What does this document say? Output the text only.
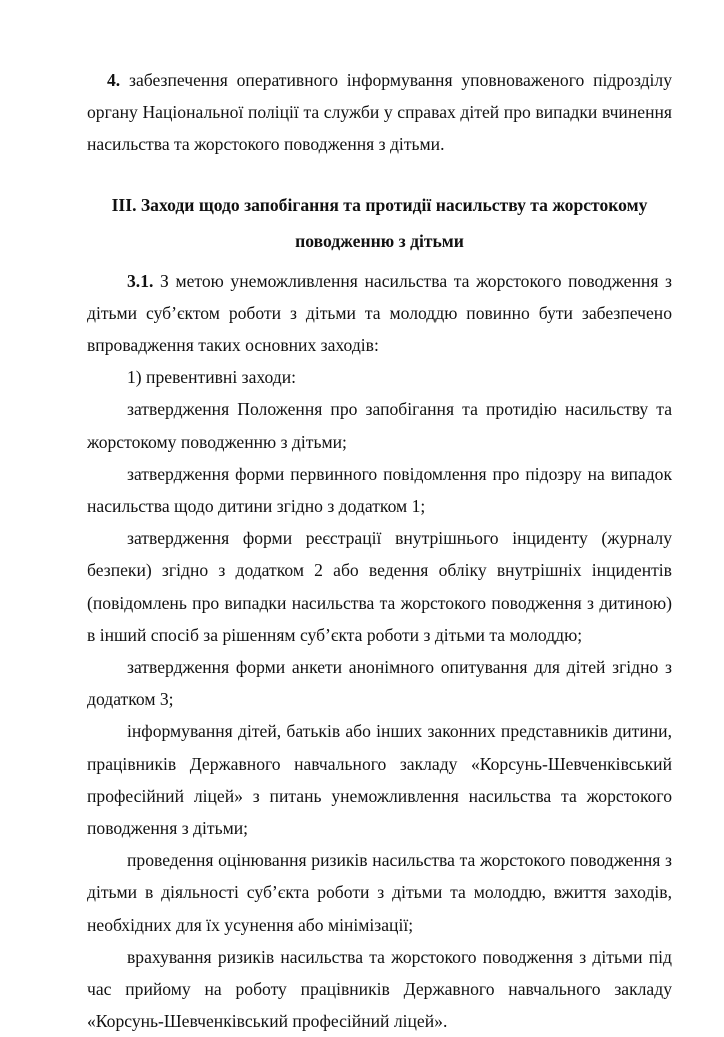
4. забезпечення оперативного інформування уповноваженого підрозділу органу Національної поліції та служби у справах дітей про випадки вчинення насильства та жорстокого поводження з дітьми.

ІІІ. Заходи щодо запобігання та протидії насильству та жорстокому
поводженню з дітьми

3.1. З метою унеможливлення насильства та жорстокого поводження з дітьми суб’єктом роботи з дітьми та молоддю повинно бути забезпечено впровадження таких основних заходів:

1) превентивні заходи:

затвердження Положення про запобігання та протидію насильству та жорстокому поводженню з дітьми;

затвердження форми первинного повідомлення про підозру на випадок насильства щодо дитини згідно з додатком 1;

затвердження форми реєстрації внутрішнього інциденту (журналу безпеки) згідно з додатком 2 або ведення обліку внутрішніх інцидентів (повідомлень про випадки насильства та жорстокого поводження з дитиною) в інший спосіб за рішенням суб’єкта роботи з дітьми та молоддю;

затвердження форми анкети анонімного опитування для дітей згідно з додатком 3;

інформування дітей, батьків або інших законних представників дитини, працівників Державного навчального закладу «Корсунь-Шевченківський професійний ліцей» з питань унеможливлення насильства та жорстокого поводження з дітьми;

проведення оцінювання ризиків насильства та жорстокого поводження з дітьми в діяльності суб’єкта роботи з дітьми та молоддю, вжиття заходів, необхідних для їх усунення або мінімізації;

врахування ризиків насильства та жорстокого поводження з дітьми під час прийому на роботу працівників Державного навчального закладу «Корсунь-Шевченківський професійний ліцей».
